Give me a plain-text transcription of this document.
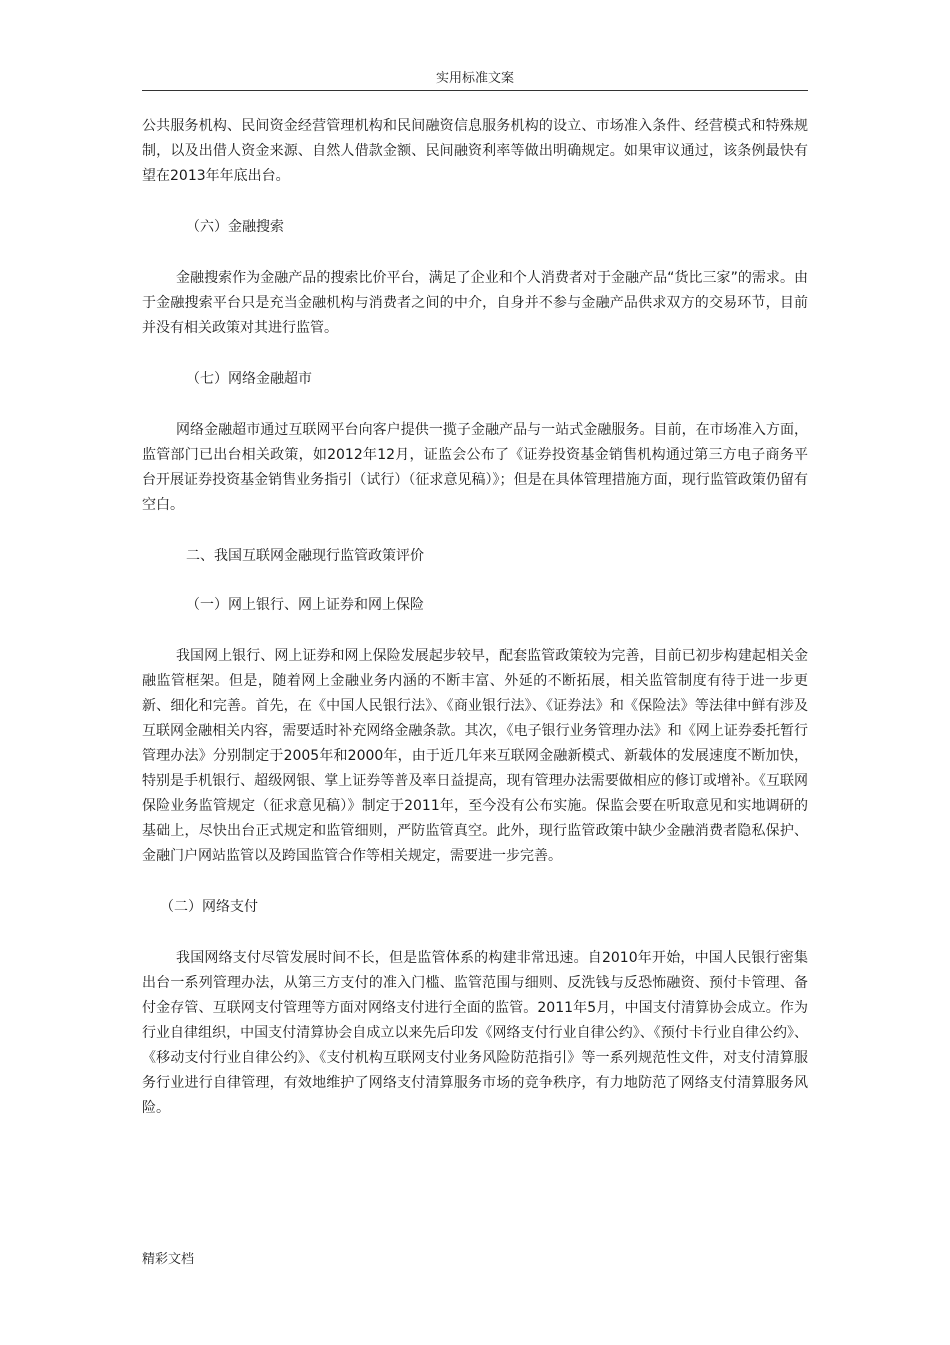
实用标准文案

公共服务机构、民间资金经营管理机构和民间融资信息服务机构的设立、市场准入条件、经营模式和特殊规制，以及出借人资金来源、自然人借款金额、民间融资利率等做出明确规定。如果审议通过，该条例最快有望在2013年年底出台。

（六）金融搜索

金融搜索作为金融产品的搜索比价平台，满足了企业和个人消费者对于金融产品“货比三家”的需求。由于金融搜索平台只是充当金融机构与消费者之间的中介，自身并不参与金融产品供求双方的交易环节，目前并没有相关政策对其进行监管。

（七）网络金融超市

网络金融超市通过互联网平台向客户提供一揽子金融产品与一站式金融服务。目前，在市场准入方面，监管部门已出台相关政策，如2012年12月，证监会公布了《证券投资基金销售机构通过第三方电子商务平台开展证券投资基金销售业务指引（试行）（征求意见稿）》；但是在具体管理措施方面，现行监管政策仍留有空白。

二、我国互联网金融现行监管政策评价

（一）网上银行、网上证券和网上保险

我国网上银行、网上证券和网上保险发展起步较早，配套监管政策较为完善，目前已初步构建起相关金融监管框架。但是，随着网上金融业务内涵的不断丰富、外延的不断拓展，相关监管制度有待于进一步更新、细化和完善。首先，在《中国人民银行法》、《商业银行法》、《证券法》和《保险法》等法律中鲜有涉及互联网金融相关内容，需要适时补充网络金融条款。其次，《电子银行业务管理办法》和《网上证券委托暂行管理办法》分别制定于2005年和2000年，由于近几年来互联网金融新模式、新载体的发展速度不断加快，特别是手机银行、超级网银、掌上证券等普及率日益提高，现有管理办法需要做相应的修订或增补。《互联网保险业务监管规定（征求意见稿）》制定于2011年，至今没有公布实施。保监会要在听取意见和实地调研的基础上，尽快出台正式规定和监管细则，严防监管真空。此外，现行监管政策中缺少金融消费者隐私保护、金融门户网站监管以及跨国监管合作等相关规定，需要进一步完善。

（二）网络支付

我国网络支付尽管发展时间不长，但是监管体系的构建非常迅速。自2010年开始，中国人民银行密集出台一系列管理办法，从第三方支付的准入门槛、监管范围与细则、反洗钱与反恐怖融资、预付卡管理、备付金存管、互联网支付管理等方面对网络支付进行全面的监管。2011年5月，中国支付清算协会成立。作为行业自律组织，中国支付清算协会自成立以来先后印发《网络支付行业自律公约》、《预付卡行业自律公约》、《移动支付行业自律公约》、《支付机构互联网支付业务风险防范指引》等一系列规范性文件，对支付清算服务行业进行自律管理，有效地维护了网络支付清算服务市场的竞争秩序，有力地防范了网络支付清算服务风险。

精彩文档
